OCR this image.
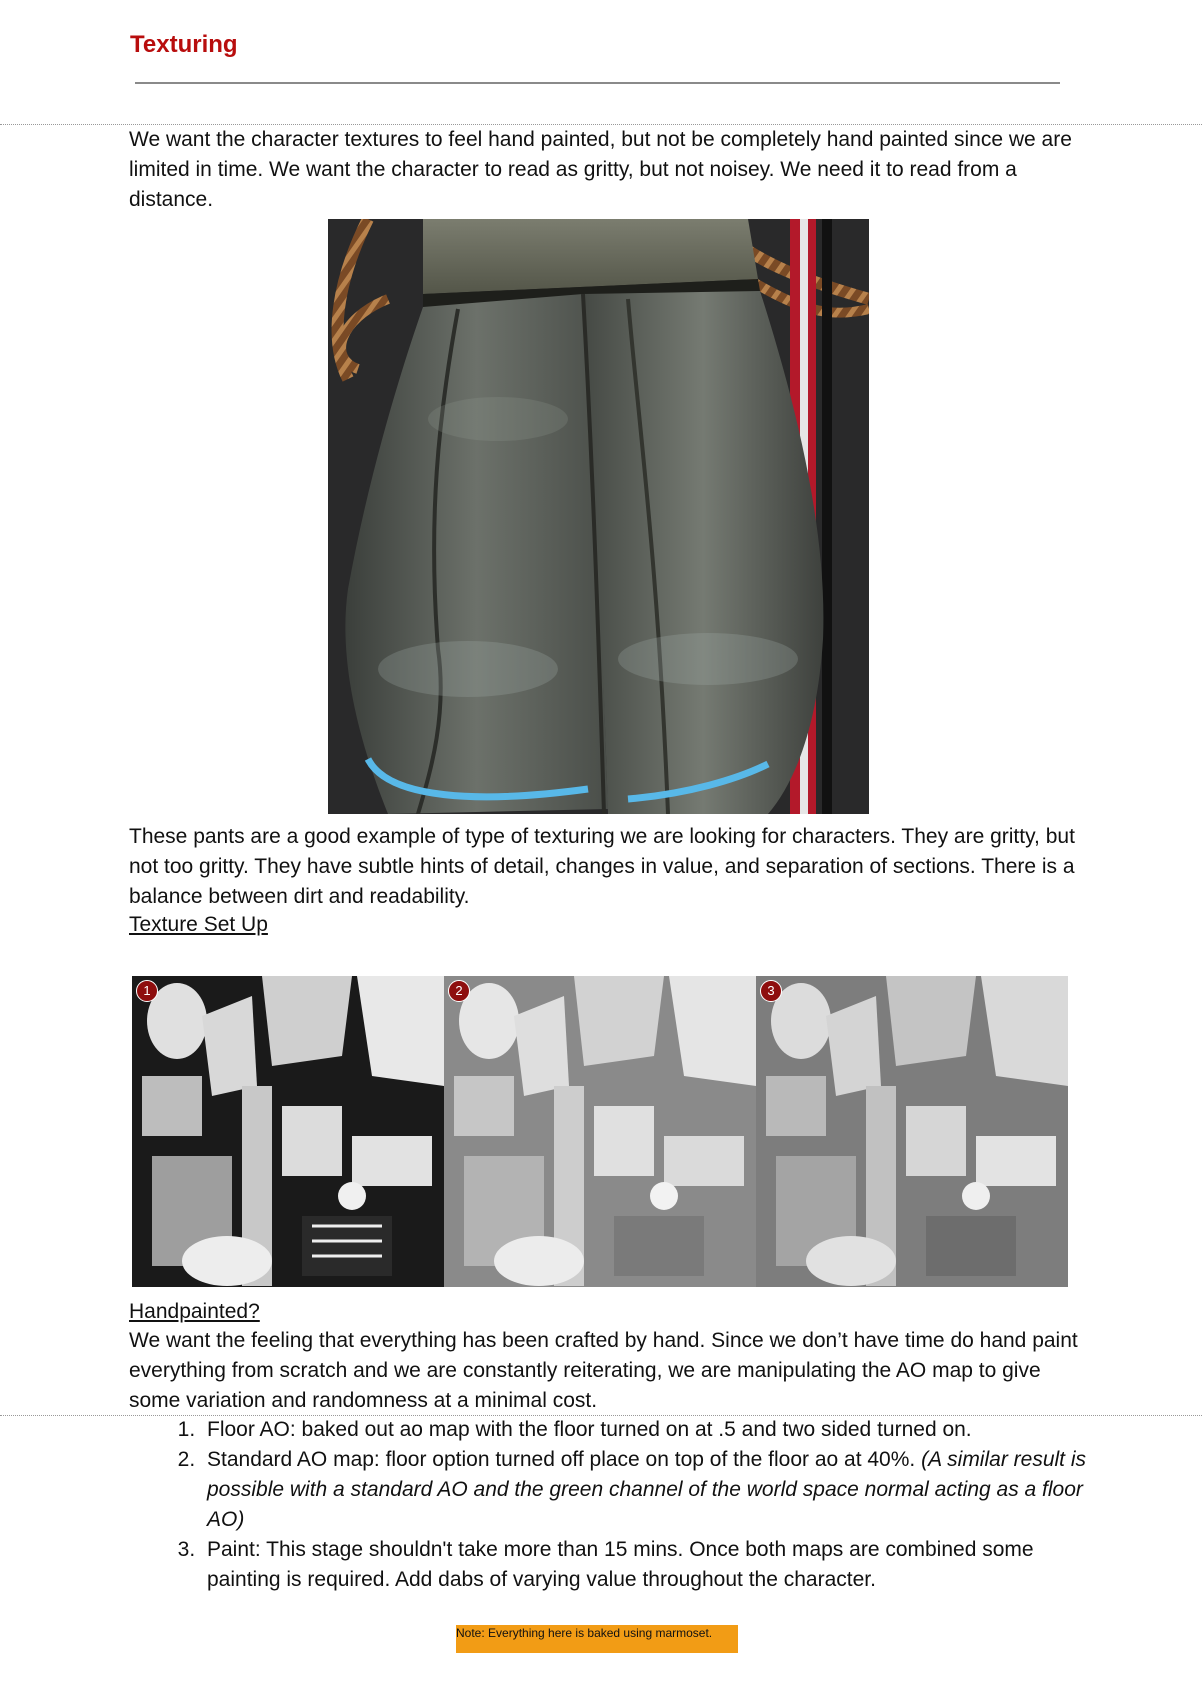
Texturing

We want the character textures to feel hand painted, but not be completely hand painted since we are limited in time. We want the character to read as gritty, but not noisey. We need it to read from a distance.

These pants are a good example of type of texturing we are looking for characters. They are gritty, but not too gritty. They have subtle hints of detail, changes in value, and separation of sections. There is a balance between dirt and readability.

Texture Set Up
1	2	3
Handpainted?

We want the feeling that everything has been crafted by hand. Since we don’t have time do hand paint everything from scratch and we are constantly reiterating, we are manipulating the AO map to give some variation and randomness at a minimal cost.

1. Floor AO: baked out ao map with the floor turned on at .5 and two sided turned on.
2. Standard AO map: floor option turned off place on top of the floor ao at 40%. (A similar result is possible with a standard AO and the green channel of the world space normal acting as a floor AO)
3. Paint: This stage shouldn't take more than 15 mins. Once both maps are combined some painting is required. Add dabs of varying value throughout the character.
Note: Everything here is baked using marmoset.
